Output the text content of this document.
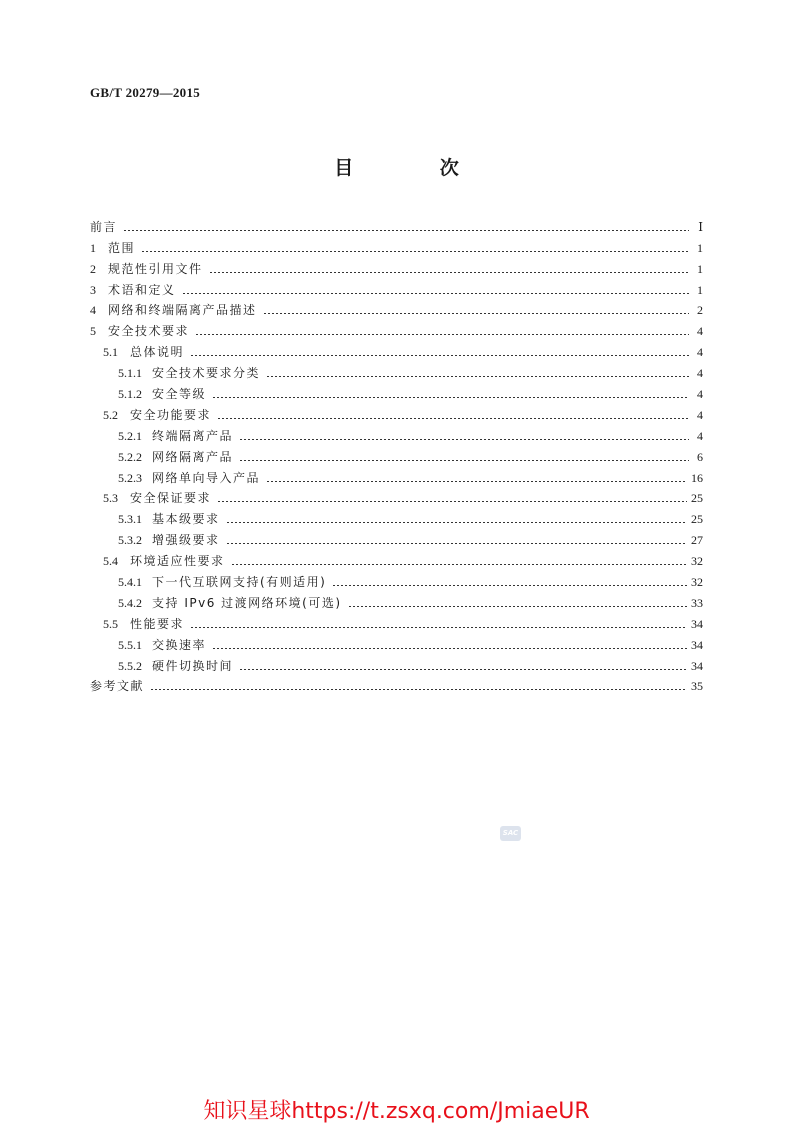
GB/T 20279—2015
目 次
前言	Ⅰ
1 范围	1
2 规范性引用文件	1
3 术语和定义	1
4 网络和终端隔离产品描述	2
5 安全技术要求	4
5.1 总体说明	4
5.1.1 安全技术要求分类	4
5.1.2 安全等级	4
5.2 安全功能要求	4
5.2.1 终端隔离产品	4
5.2.2 网络隔离产品	6
5.2.3 网络单向导入产品	16
5.3 安全保证要求	25
5.3.1 基本级要求	25
5.3.2 增强级要求	27
5.4 环境适应性要求	32
5.4.1 下一代互联网支持(有则适用)	32
5.4.2 支持 IPv6 过渡网络环境(可选)	33
5.5 性能要求	34
5.5.1 交换速率	34
5.5.2 硬件切换时间	34
参考文献	35
SAC
知识星球https://t.zsxq.com/JmiaeUR
